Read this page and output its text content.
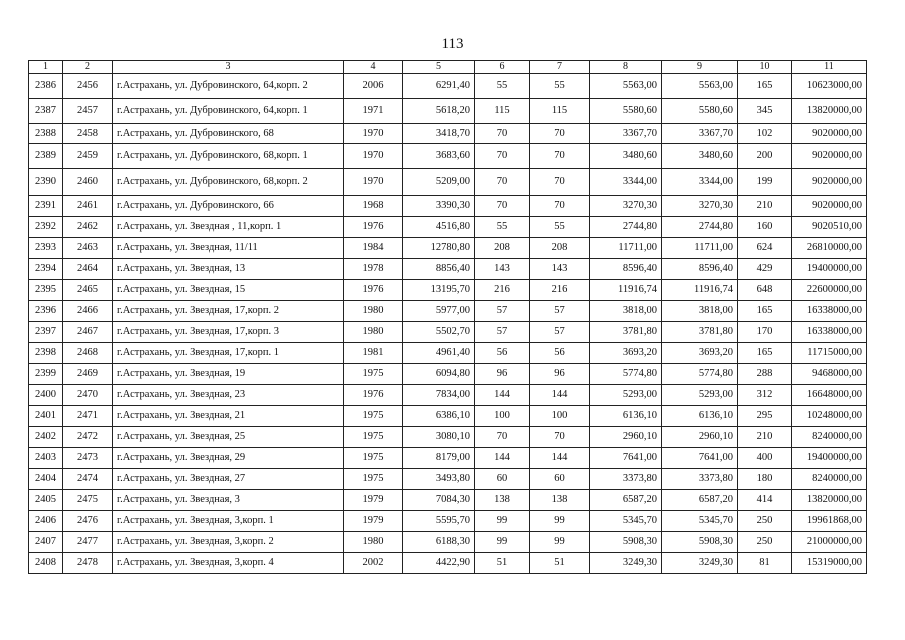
113
1	2	3	4	5	6	7	8	9	10	11
2386	2456	г.Астрахань, ул. Дубровинского, 64,корп. 2	2006	6291,40	55	55	5563,00	5563,00	165	10623000,00
2387	2457	г.Астрахань, ул. Дубровинского, 64,корп. 1	1971	5618,20	115	115	5580,60	5580,60	345	13820000,00
2388	2458	г.Астрахань, ул. Дубровинского, 68	1970	3418,70	70	70	3367,70	3367,70	102	9020000,00
2389	2459	г.Астрахань, ул. Дубровинского, 68,корп. 1	1970	3683,60	70	70	3480,60	3480,60	200	9020000,00
2390	2460	г.Астрахань, ул. Дубровинского, 68,корп. 2	1970	5209,00	70	70	3344,00	3344,00	199	9020000,00
2391	2461	г.Астрахань, ул. Дубровинского, 66	1968	3390,30	70	70	3270,30	3270,30	210	9020000,00
2392	2462	г.Астрахань, ул. Звездная , 11,корп. 1	1976	4516,80	55	55	2744,80	2744,80	160	9020510,00
2393	2463	г.Астрахань, ул. Звездная, 11/11	1984	12780,80	208	208	11711,00	11711,00	624	26810000,00
2394	2464	г.Астрахань, ул. Звездная, 13	1978	8856,40	143	143	8596,40	8596,40	429	19400000,00
2395	2465	г.Астрахань, ул. Звездная, 15	1976	13195,70	216	216	11916,74	11916,74	648	22600000,00
2396	2466	г.Астрахань, ул. Звездная, 17,корп. 2	1980	5977,00	57	57	3818,00	3818,00	165	16338000,00
2397	2467	г.Астрахань, ул. Звездная, 17,корп. 3	1980	5502,70	57	57	3781,80	3781,80	170	16338000,00
2398	2468	г.Астрахань, ул. Звездная, 17,корп. 1	1981	4961,40	56	56	3693,20	3693,20	165	11715000,00
2399	2469	г.Астрахань, ул. Звездная, 19	1975	6094,80	96	96	5774,80	5774,80	288	9468000,00
2400	2470	г.Астрахань, ул. Звездная, 23	1976	7834,00	144	144	5293,00	5293,00	312	16648000,00
2401	2471	г.Астрахань, ул. Звездная, 21	1975	6386,10	100	100	6136,10	6136,10	295	10248000,00
2402	2472	г.Астрахань, ул. Звездная, 25	1975	3080,10	70	70	2960,10	2960,10	210	8240000,00
2403	2473	г.Астрахань, ул. Звездная, 29	1975	8179,00	144	144	7641,00	7641,00	400	19400000,00
2404	2474	г.Астрахань, ул. Звездная, 27	1975	3493,80	60	60	3373,80	3373,80	180	8240000,00
2405	2475	г.Астрахань, ул. Звездная, 3	1979	7084,30	138	138	6587,20	6587,20	414	13820000,00
2406	2476	г.Астрахань, ул. Звездная, 3,корп. 1	1979	5595,70	99	99	5345,70	5345,70	250	19961868,00
2407	2477	г.Астрахань, ул. Звездная, 3,корп. 2	1980	6188,30	99	99	5908,30	5908,30	250	21000000,00
2408	2478	г.Астрахань, ул. Звездная, 3,корп. 4	2002	4422,90	51	51	3249,30	3249,30	81	15319000,00
